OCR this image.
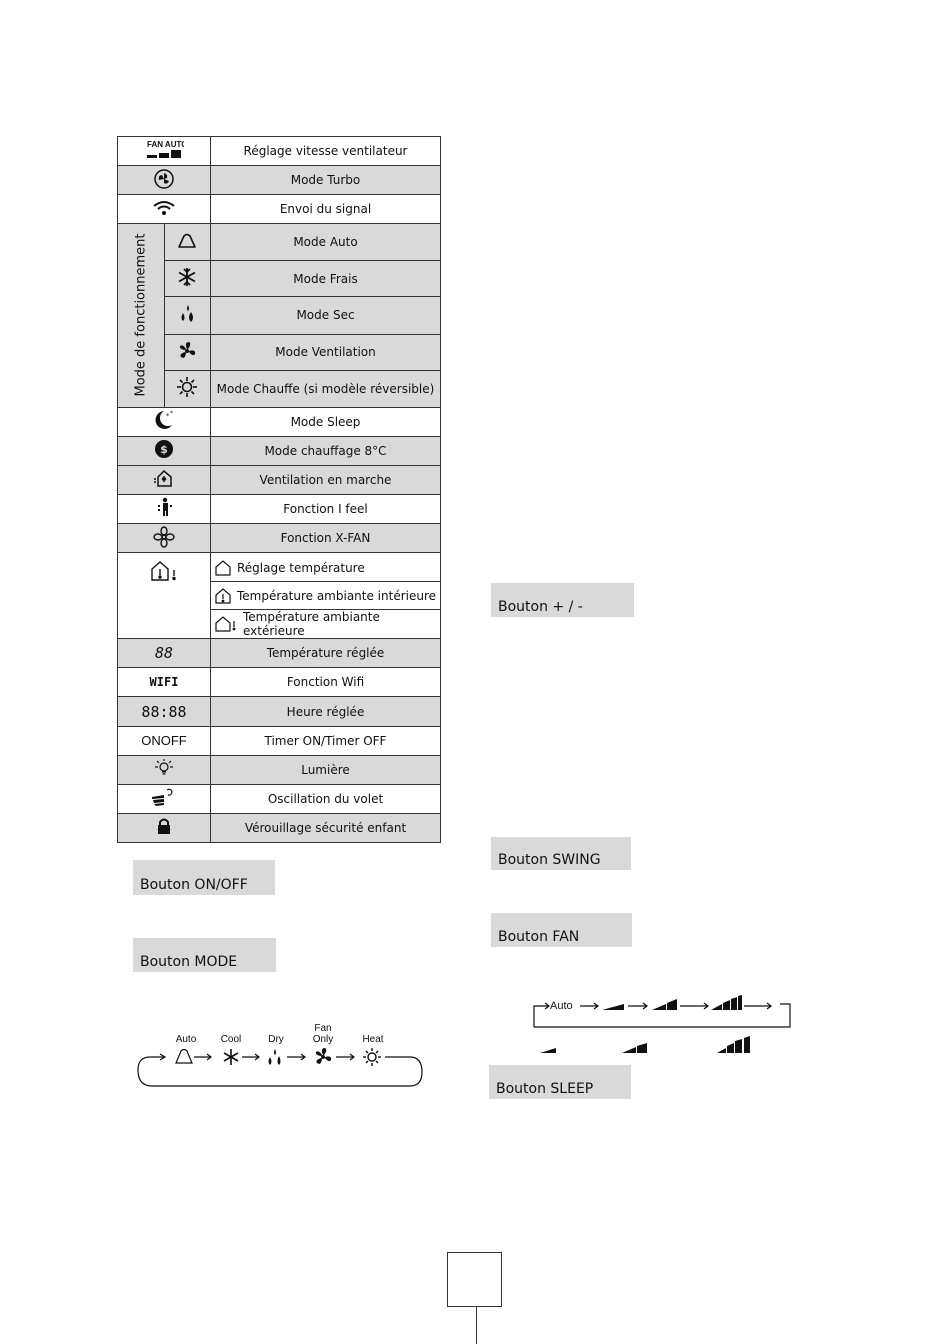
FAN AUTO		Réglage vitesse ventilateur
	Mode Turbo
	Envoi du signal

Mode de fonctionnement		Mode Auto
	Mode Frais
	Mode Sec
	Mode Ventilation
	Mode Chauffe (si modèle réversible)

* *		Mode Sleep

$		Mode chauffage 8°C
	Ventilation en marche
	Fonction I feel
	Fonction X-FAN

Réglage température
Température ambiante intérieure
Température ambiante extérieure

88		Température réglée
WIFI		Fonction Wifi
88:88		Heure réglée
ONOFF		Timer ON/Timer OFF
	Lumière
	Oscillation du volet
	Vérouillage sécurité enfant
Bouton + / -
Bouton ON/OFF
Bouton MODE
Bouton SWING
Bouton FAN
Bouton SLEEP
Auto	Cool	Dry
Fan Only	Heat
Auto
